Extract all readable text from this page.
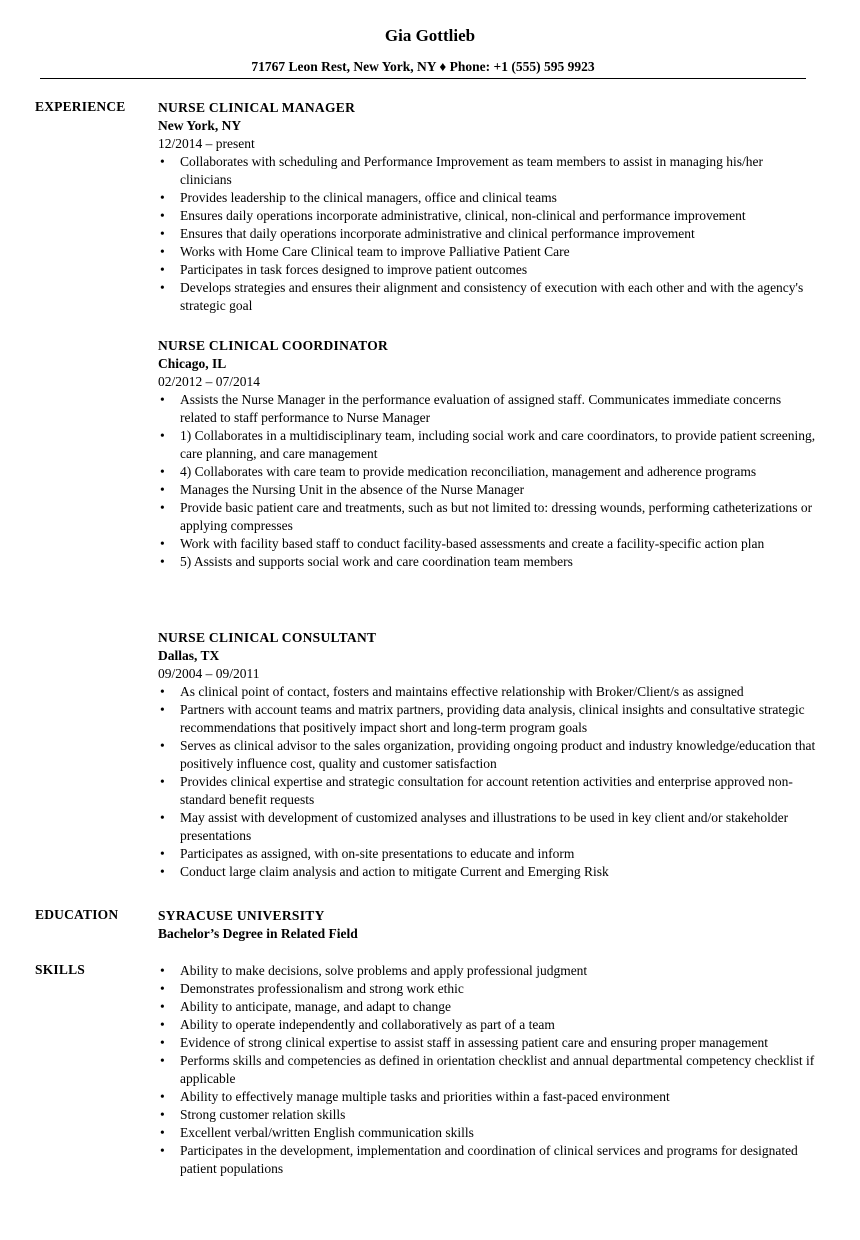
Gia Gottlieb
71767 Leon Rest, New York, NY ♦ Phone: +1 (555) 595 9923
EXPERIENCE NURSE CLINICAL MANAGER
New York, NY
12/2014 – present
• Collaborates with scheduling and Performance Improvement as team members to assist in managing his/her clinicians
• Provides leadership to the clinical managers, office and clinical teams
• Ensures daily operations incorporate administrative, clinical, non-clinical and performance improvement
• Ensures that daily operations incorporate administrative and clinical performance improvement
• Works with Home Care Clinical team to improve Palliative Patient Care
• Participates in task forces designed to improve patient outcomes
• Develops strategies and ensures their alignment and consistency of execution with each other and with the agency's strategic goal
NURSE CLINICAL COORDINATOR
Chicago, IL
02/2012 – 07/2014
• Assists the Nurse Manager in the performance evaluation of assigned staff. Communicates immediate concerns related to staff performance to Nurse Manager
• 1) Collaborates in a multidisciplinary team, including social work and care coordinators, to provide patient screening, care planning, and care management
• 4) Collaborates with care team to provide medication reconciliation, management and adherence programs
• Manages the Nursing Unit in the absence of the Nurse Manager
• Provide basic patient care and treatments, such as but not limited to: dressing wounds, performing catheterizations or applying compresses
• Work with facility based staff to conduct facility-based assessments and create a facility-specific action plan
• 5) Assists and supports social work and care coordination team members
NURSE CLINICAL CONSULTANT
Dallas, TX
09/2004 – 09/2011
• As clinical point of contact, fosters and maintains effective relationship with Broker/Client/s as assigned
• Partners with account teams and matrix partners, providing data analysis, clinical insights and consultative strategic recommendations that positively impact short and long-term program goals
• Serves as clinical advisor to the sales organization, providing ongoing product and industry knowledge/education that positively influence cost, quality and customer satisfaction
• Provides clinical expertise and strategic consultation for account retention activities and enterprise approved non-standard benefit requests
• May assist with development of customized analyses and illustrations to be used in key client and/or stakeholder presentations
• Participates as assigned, with on-site presentations to educate and inform
• Conduct large claim analysis and action to mitigate Current and Emerging Risk
EDUCATION	SYRACUSE UNIVERSITY
Bachelor’s Degree in Related Field
SKILLS
•	Ability to make decisions, solve problems and apply professional judgment
• Demonstrates professionalism and strong work ethic
• Ability to anticipate, manage, and adapt to change
• Ability to operate independently and collaboratively as part of a team
• Evidence of strong clinical expertise to assist staff in assessing patient care and ensuring proper management
• Performs skills and competencies as defined in orientation checklist and annual departmental competency checklist if applicable
• Ability to effectively manage multiple tasks and priorities within a fast-paced environment
• Strong customer relation skills
• Excellent verbal/written English communication skills
• Participates in the development, implementation and coordination of clinical services and programs for designated patient populations
